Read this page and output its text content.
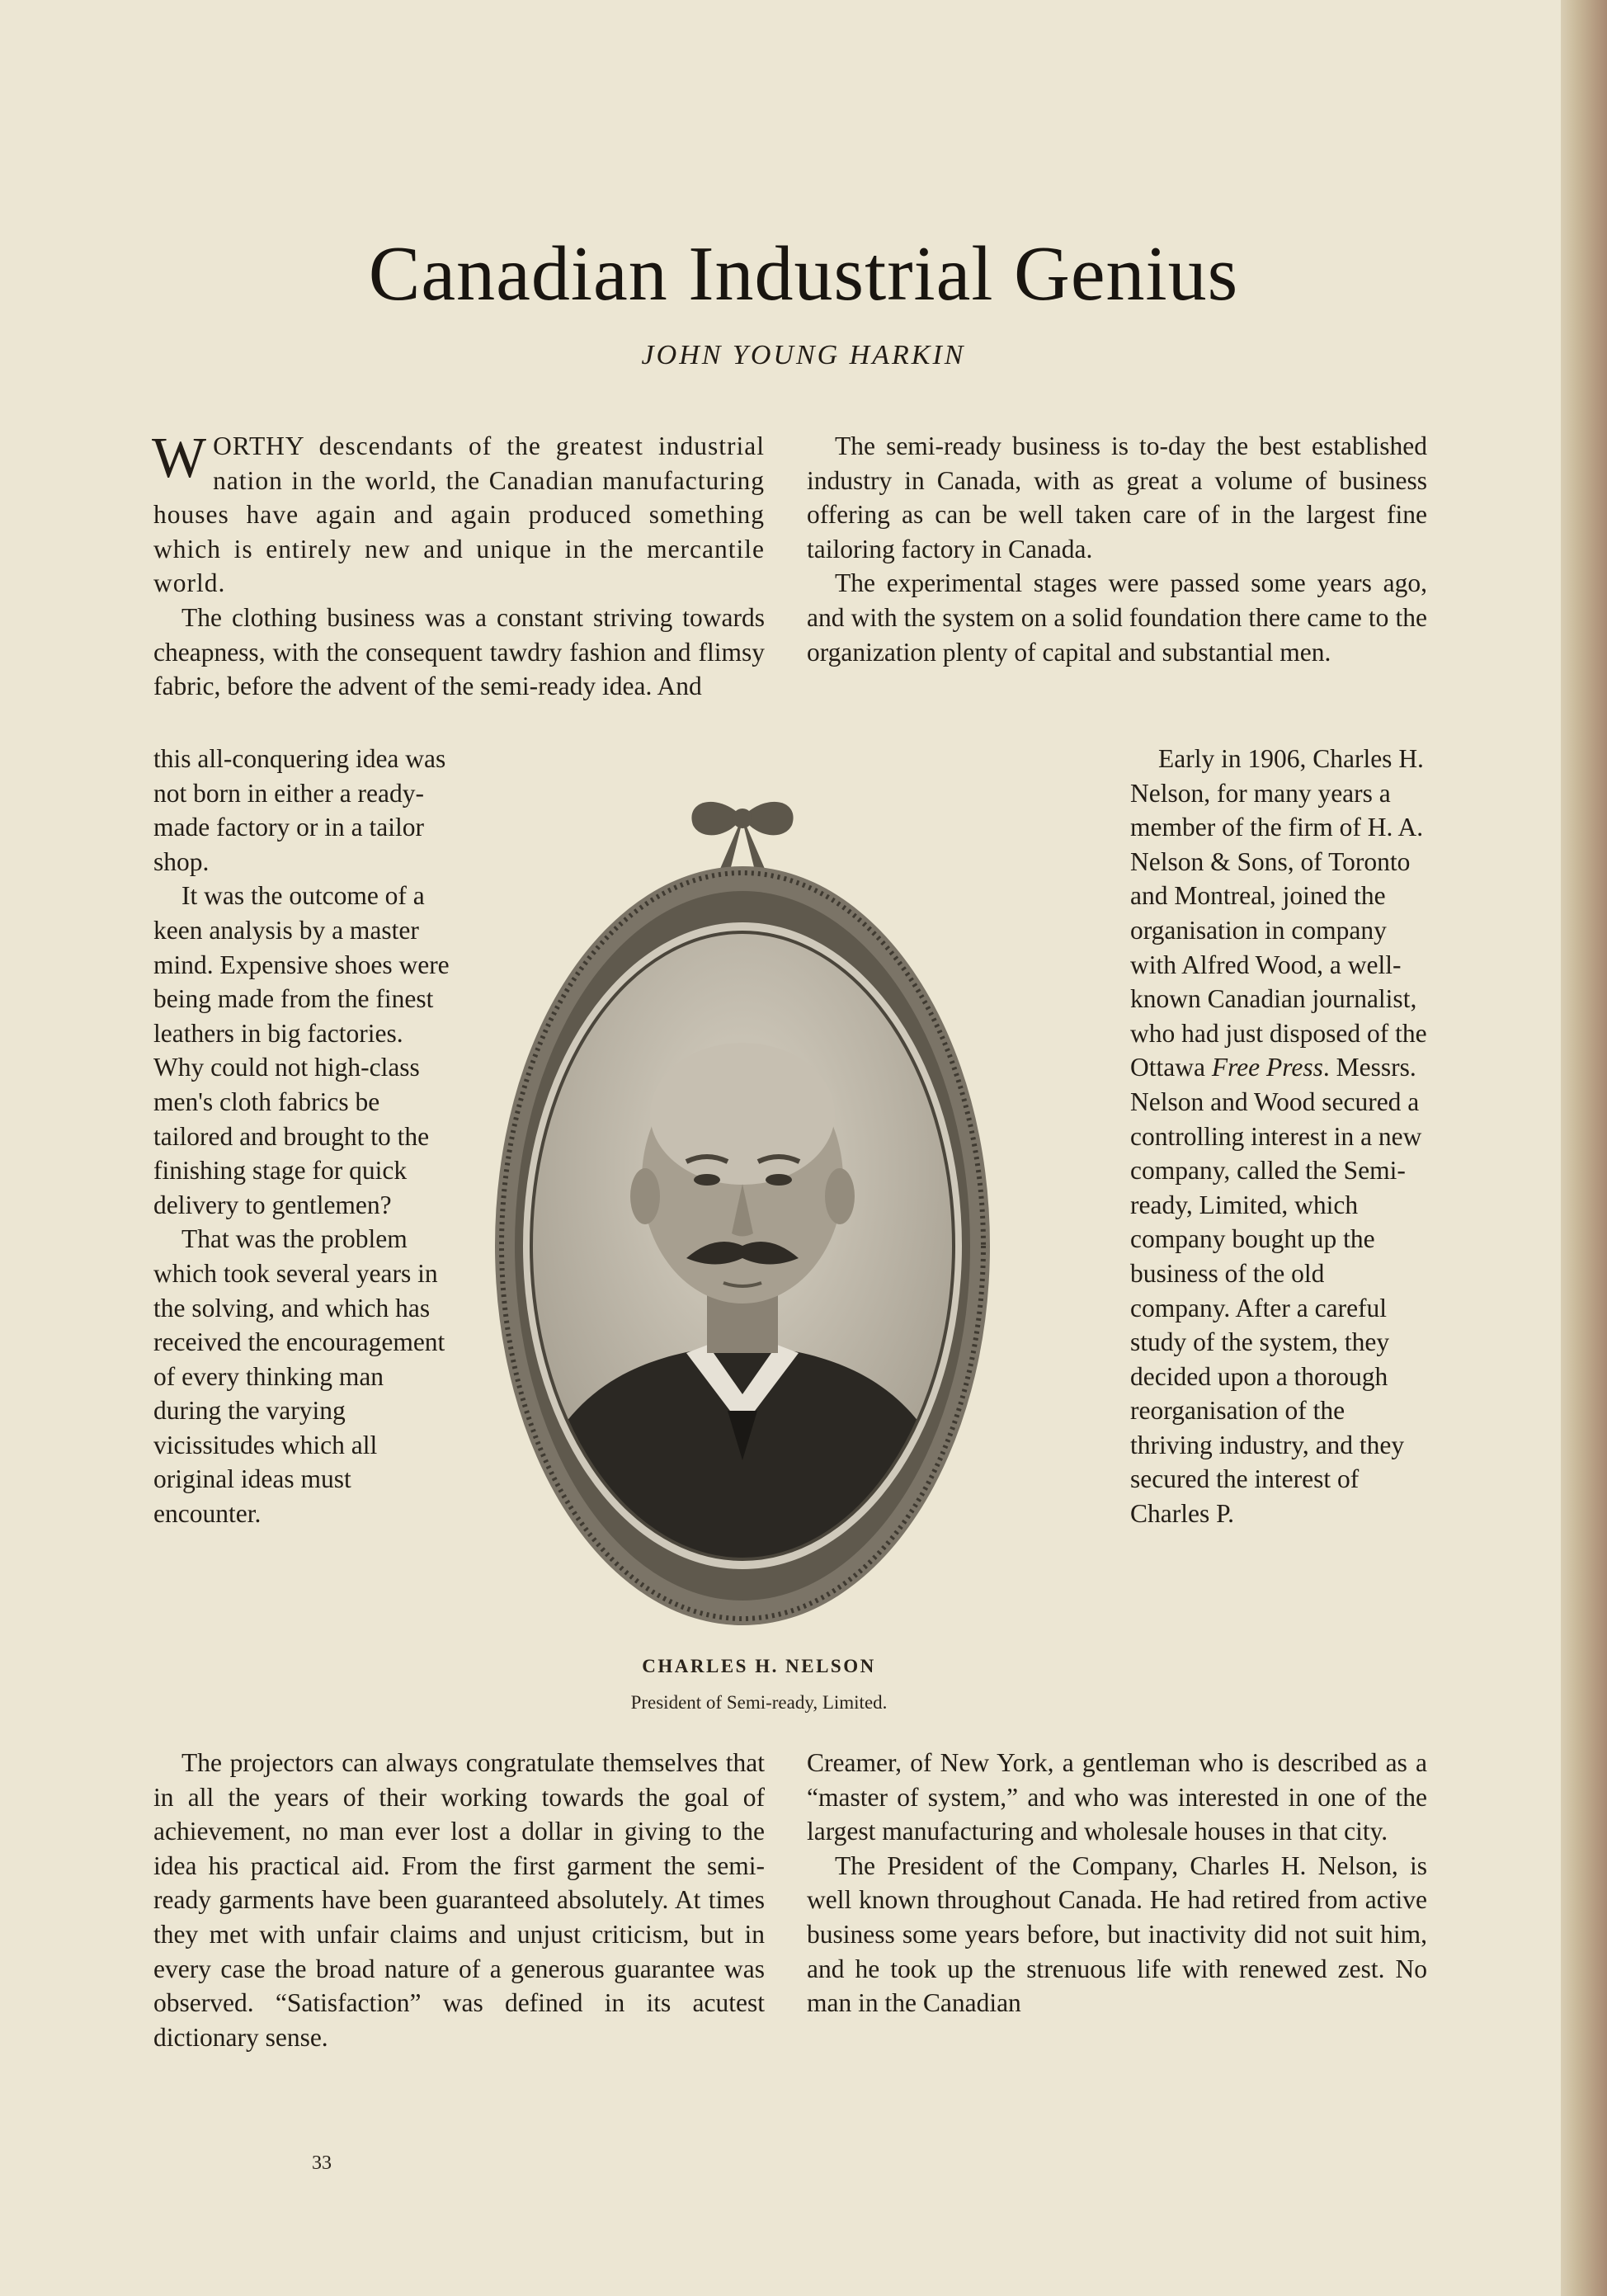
Canadian Industrial Genius
JOHN YOUNG HARKIN

WORTHY descendants of the greatest industrial nation in the world, the Canadian manufacturing houses have again and again produced something which is entirely new and unique in the mercantile world.

The clothing business was a constant striving towards cheapness, with the consequent tawdry fashion and flimsy fabric, before the advent of the semi-ready idea. And

this all-conquering idea was not born in either a ready-made factory or in a tailor shop.

It was the outcome of a keen analysis by a master mind. Expensive shoes were being made from the finest leathers in big factories. Why could not high-class men's cloth fabrics be tailored and brought to the finishing stage for quick delivery to gentlemen?

That was the problem which took several years in the solving, and which has received the encouragement of every thinking man during the varying vicissitudes which all original ideas must encounter.

The projectors can always congratulate themselves that in all the years of their working towards the goal of achievement, no man ever lost a dollar in giving to the idea his practical aid. From the first garment the semi-ready garments have been guaranteed absolutely. At times they met with unfair claims and unjust criticism, but in every case the broad nature of a generous guarantee was observed. “Satisfaction” was defined in its acutest dictionary sense.

The semi-ready business is to-day the best established industry in Canada, with as great a volume of business offering as can be well taken care of in the largest fine tailoring factory in Canada.

The experimental stages were passed some years ago, and with the system on a solid foundation there came to the organization plenty of capital and substantial men.

Early in 1906, Charles H. Nelson, for many years a member of the firm of H. A. Nelson & Sons, of Toronto and Montreal, joined the organisation in company with Alfred Wood, a well-known Canadian journalist, who had just disposed of the Ottawa Free Press. Messrs. Nelson and Wood secured a controlling interest in a new company, called the Semi-ready, Limited, which company bought up the business of the old company. After a careful study of the system, they decided upon a thorough reorganisation of the thriving industry, and they secured the interest of Charles P.

Creamer, of New York, a gentleman who is described as a “master of system,” and who was interested in one of the largest manufacturing and wholesale houses in that city.

The President of the Company, Charles H. Nelson, is well known throughout Canada. He had retired from active business some years before, but inactivity did not suit him, and he took up the strenuous life with renewed zest. No man in the Canadian

CHARLES H. NELSON
President of Semi-ready, Limited.
33
